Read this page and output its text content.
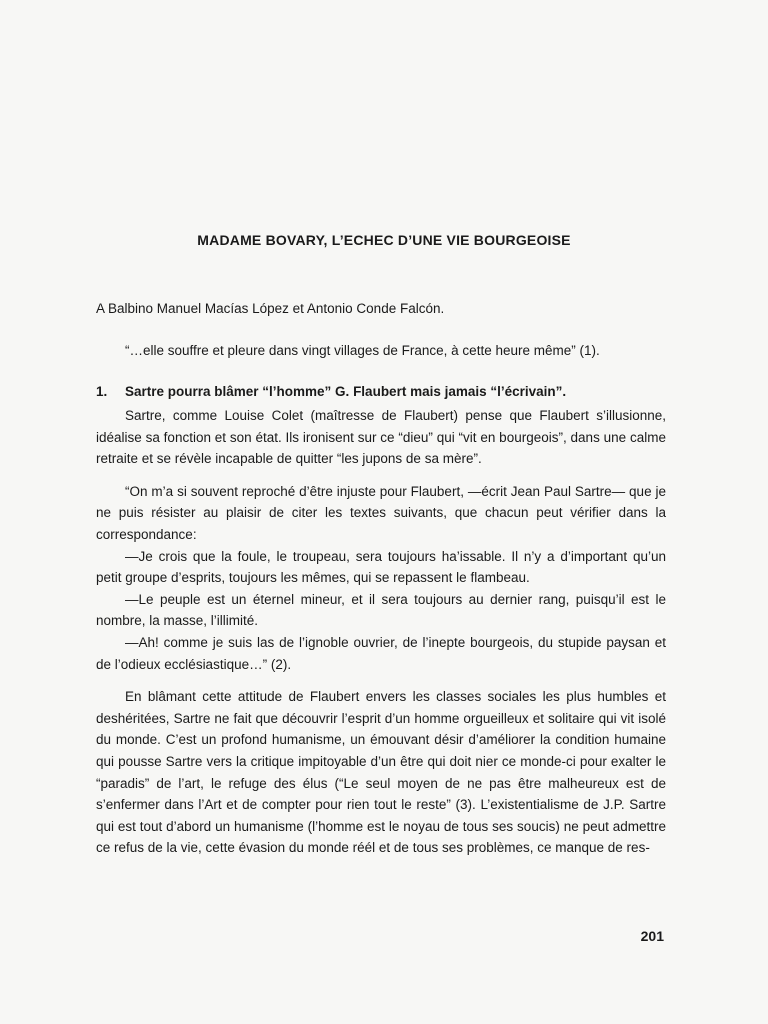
MADAME BOVARY, L’ECHEC D’UNE VIE BOURGEOISE
A Balbino Manuel Macías López et Antonio Conde Falcón.
“…elle souffre et pleure dans vingt villages de France, à cette heure même” (1).
1. Sartre pourra blâmer “l’homme” G. Flaubert mais jamais “l’écrivain”.

Sartre, comme Louise Colet (maîtresse de Flaubert) pense que Flaubert s’illusionne, idéalise sa fonction et son état. Ils ironisent sur ce “dieu” qui “vit en bourgeois”, dans une calme retraite et se révèle incapable de quitter “les jupons de sa mère”.

“On m’a si souvent reproché d’être injuste pour Flaubert, —écrit Jean Paul Sartre— que je ne puis résister au plaisir de citer les textes suivants, que chacun peut vérifier dans la correspondance:

—Je crois que la foule, le troupeau, sera toujours ha’issable. Il n’y a d’important qu’un petit groupe d’esprits, toujours les mêmes, qui se repassent le flambeau.

—Le peuple est un éternel mineur, et il sera toujours au dernier rang, puisqu’il est le nombre, la masse, l’illimité.

—Ah! comme je suis las de l’ignoble ouvrier, de l’inepte bourgeois, du stupide paysan et de l’odieux ecclésiastique…” (2).

En blâmant cette attitude de Flaubert envers les classes sociales les plus humbles et deshéritées, Sartre ne fait que découvrir l’esprit d’un homme orgueilleux et solitaire qui vit isolé du monde. C’est un profond humanisme, un émouvant désir d’améliorer la condition humaine qui pousse Sartre vers la critique impitoyable d’un être qui doit nier ce monde-ci pour exalter le “paradis” de l’art, le refuge des élus (“Le seul moyen de ne pas être malheureux est de s’enfermer dans l’Art et de compter pour rien tout le reste” (3). L’existentialisme de J.P. Sartre qui est tout d’abord un humanisme (l’homme est le noyau de tous ses soucis) ne peut admettre ce refus de la vie, cette évasion du monde réél et de tous ses problèmes, ce manque de res-

201
